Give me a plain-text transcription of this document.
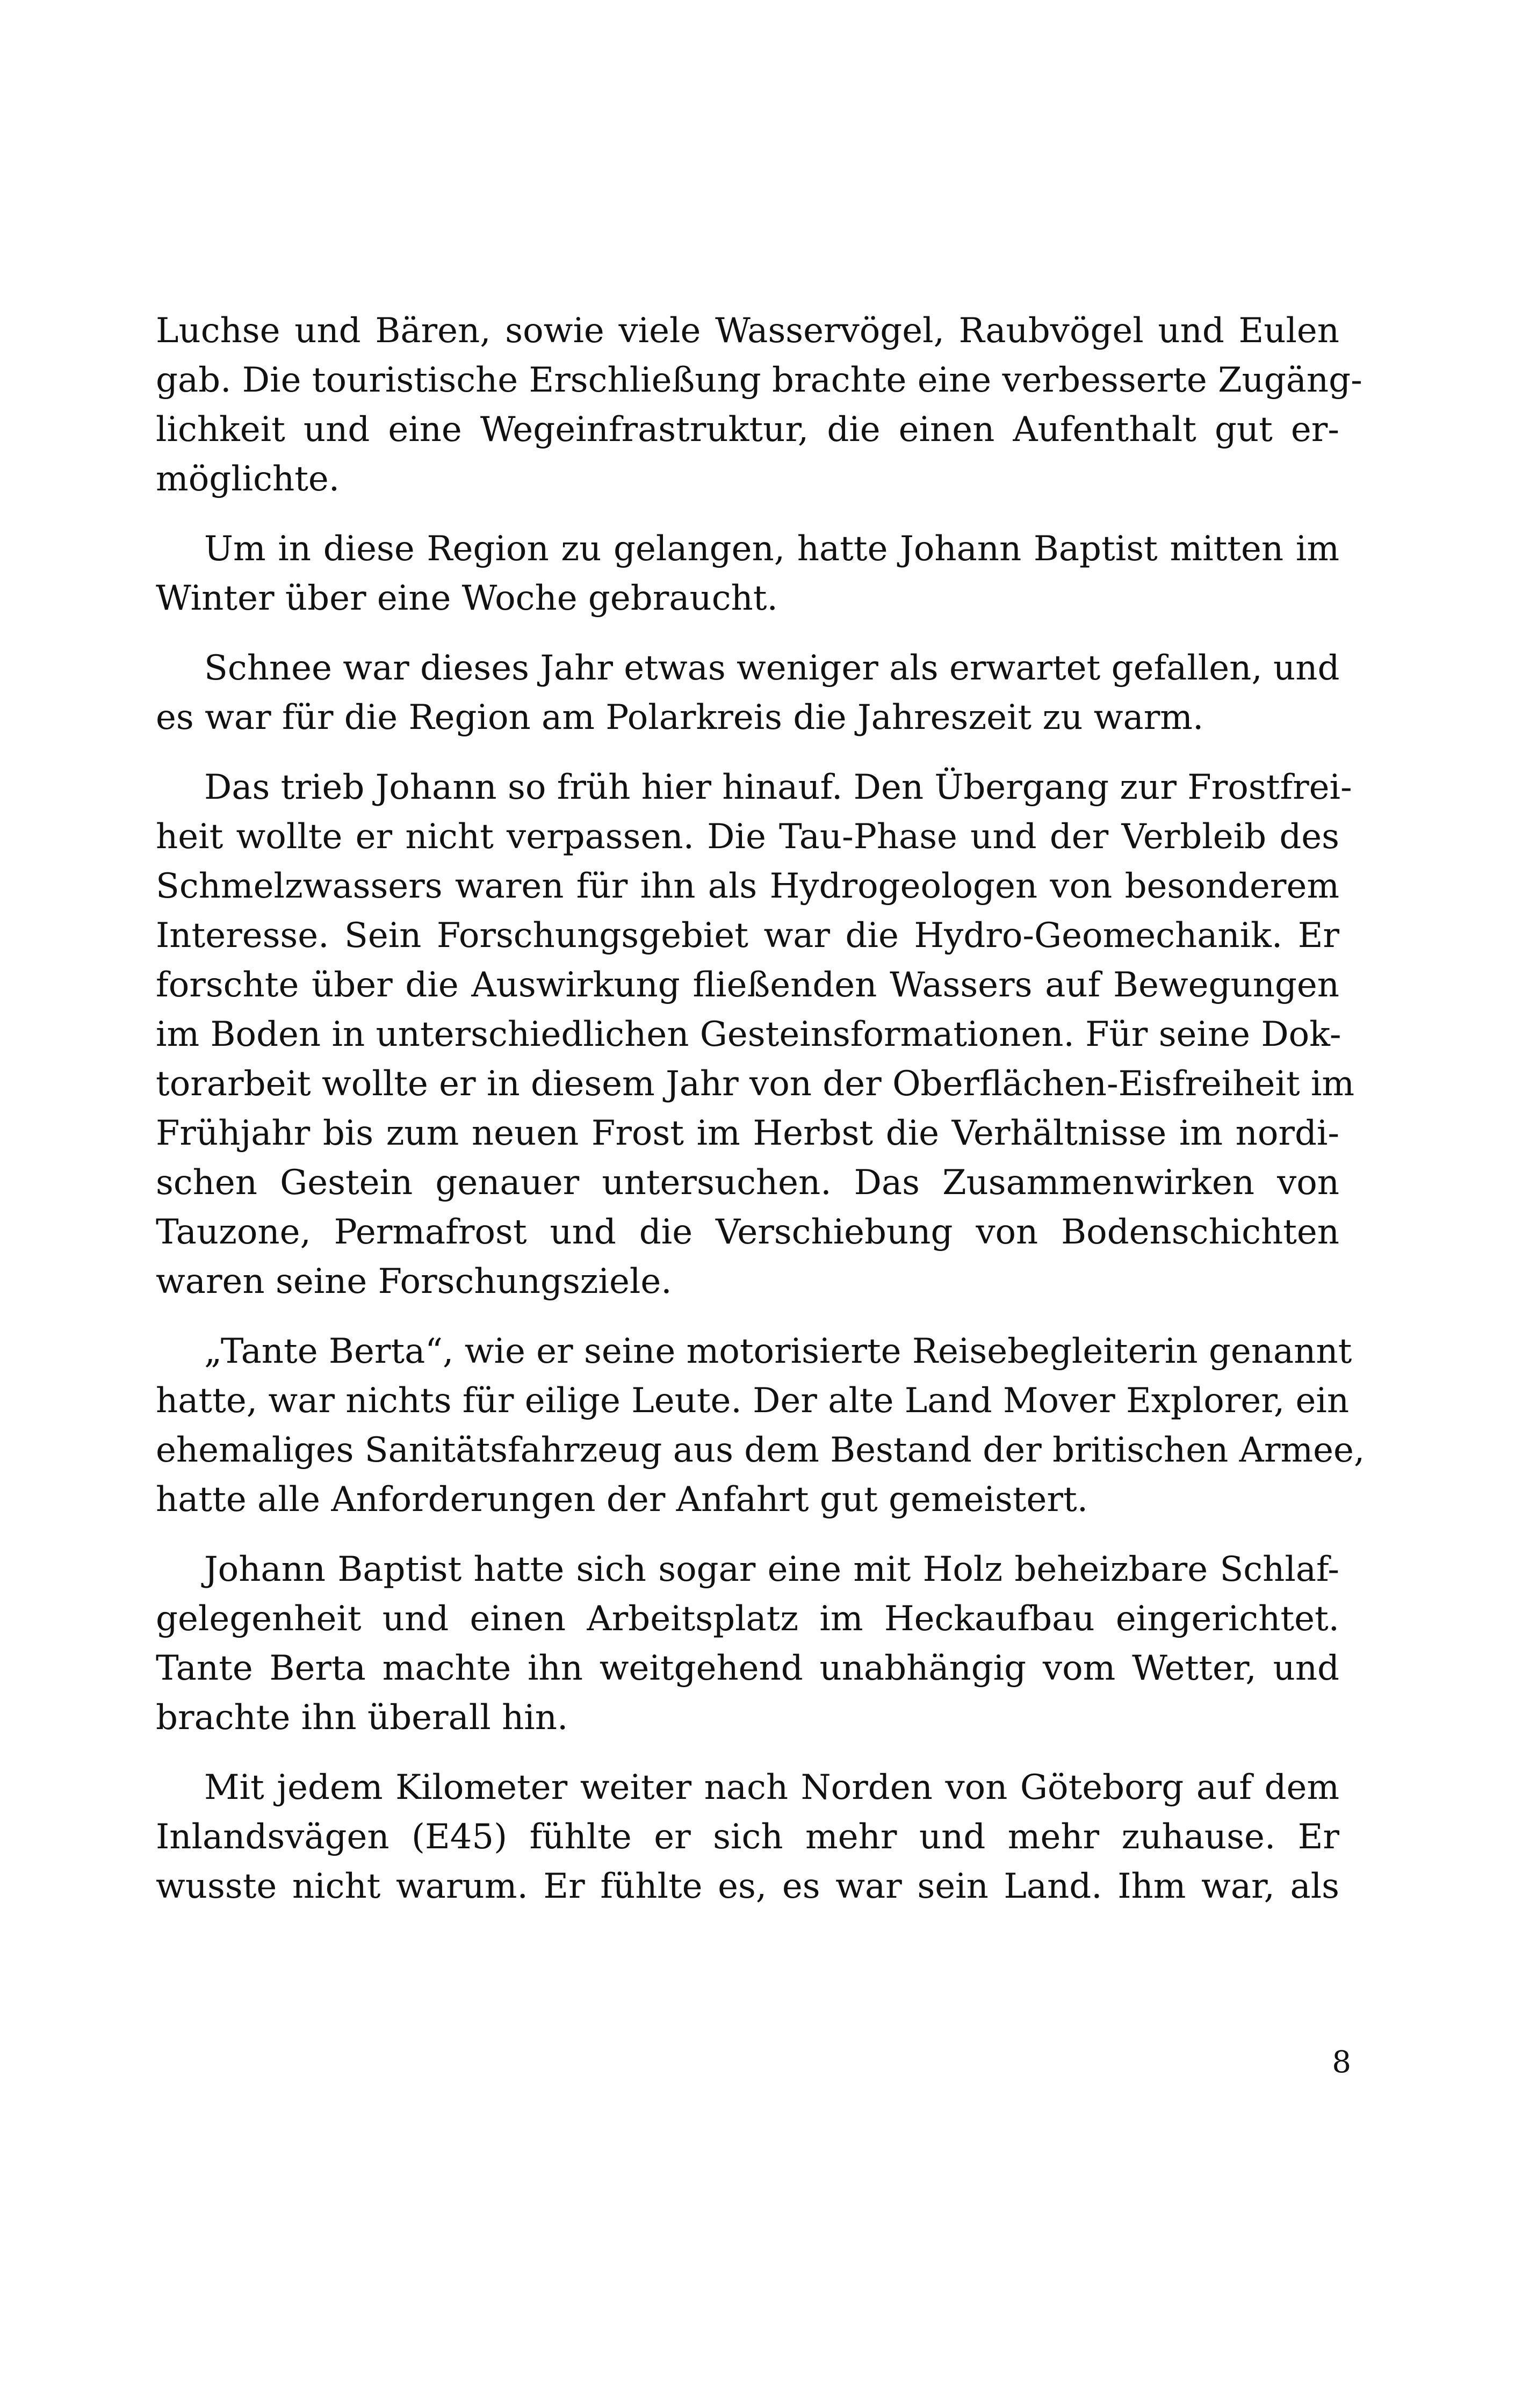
Luchse und Bären, sowie viele Wasservögel, Raubvögel und Eulen
gab. Die touristische Erschließung brachte eine verbesserte Zugäng-
lichkeit und eine Wegeinfrastruktur, die einen Aufenthalt gut er-
möglichte.
Um in diese Region zu gelangen, hatte Johann Baptist mitten im
Winter über eine Woche gebraucht.
Schnee war dieses Jahr etwas weniger als erwartet gefallen, und
es war für die Region am Polarkreis die Jahreszeit zu warm.
Das trieb Johann so früh hier hinauf. Den Übergang zur Frostfrei-
heit wollte er nicht verpassen. Die Tau-Phase und der Verbleib des
Schmelzwassers waren für ihn als Hydrogeologen von besonderem
Interesse. Sein Forschungsgebiet war die Hydro-Geomechanik. Er
forschte über die Auswirkung fließenden Wassers auf Bewegungen
im Boden in unterschiedlichen Gesteinsformationen. Für seine Dok-
torarbeit wollte er in diesem Jahr von der Oberflächen-Eisfreiheit im
Frühjahr bis zum neuen Frost im Herbst die Verhältnisse im nordi-
schen Gestein genauer untersuchen. Das Zusammenwirken von
Tauzone, Permafrost und die Verschiebung von Bodenschichten
waren seine Forschungsziele.
„Tante Berta“, wie er seine motorisierte Reisebegleiterin genannt
hatte, war nichts für eilige Leute. Der alte Land Mover Explorer, ein
ehemaliges Sanitätsfahrzeug aus dem Bestand der britischen Armee,
hatte alle Anforderungen der Anfahrt gut gemeistert.
Johann Baptist hatte sich sogar eine mit Holz beheizbare Schlaf-
gelegenheit und einen Arbeitsplatz im Heckaufbau eingerichtet.
Tante Berta machte ihn weitgehend unabhängig vom Wetter, und
brachte ihn überall hin.
Mit jedem Kilometer weiter nach Norden von Göteborg auf dem
Inlandsvägen (E45) fühlte er sich mehr und mehr zuhause. Er
wusste nicht warum. Er fühlte es, es war sein Land. Ihm war, als
8
